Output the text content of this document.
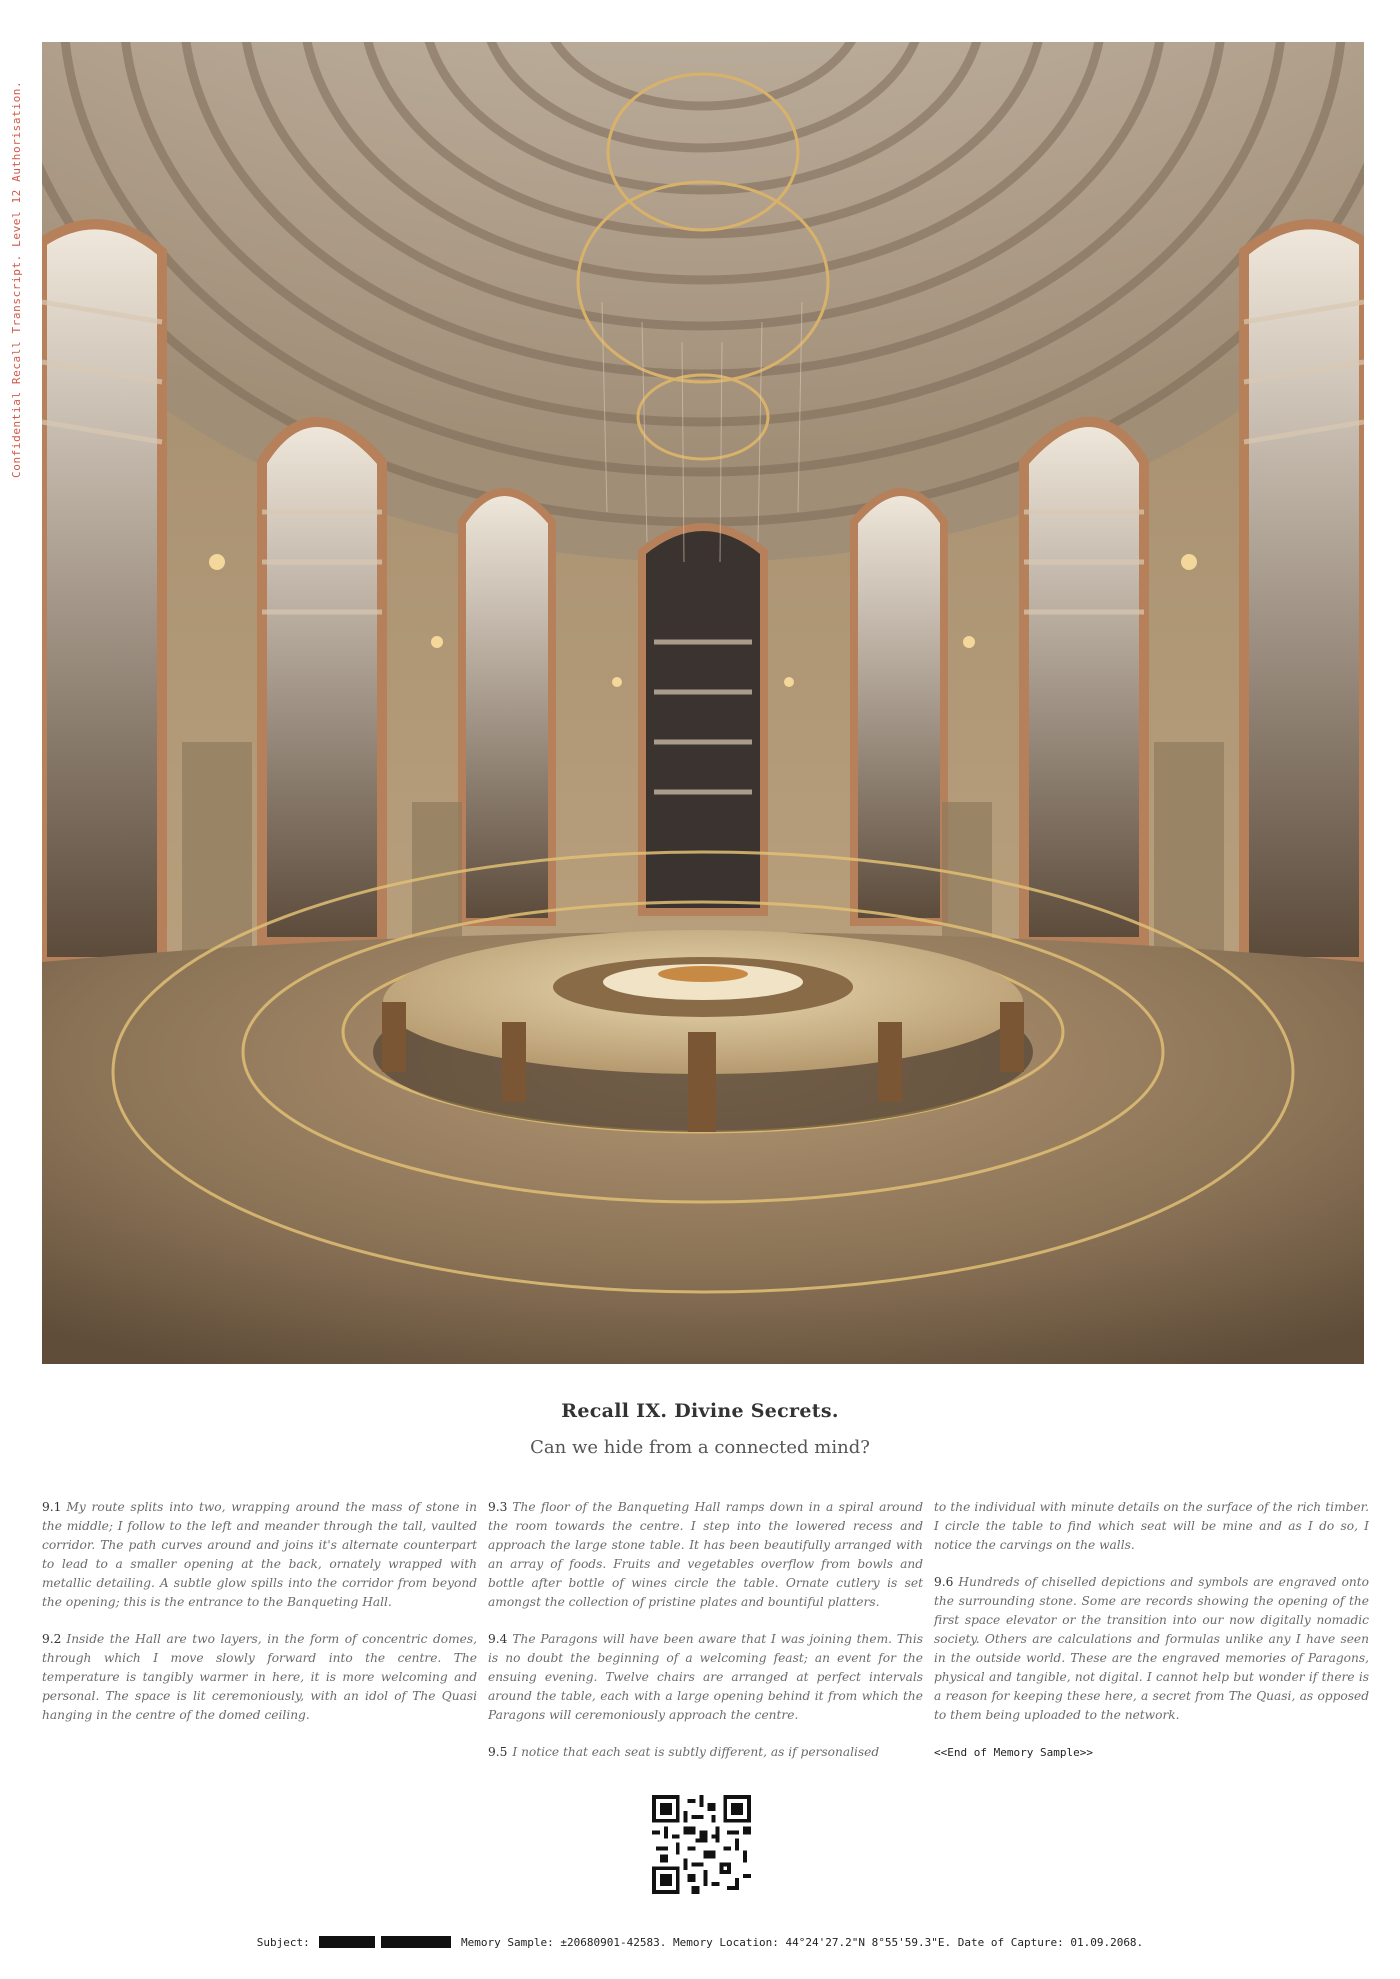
Confidential Recall Transcript. Level 12 Authorisation.
Recall IX. Divine Secrets.
Can we hide from a connected mind?

9.1 My route splits into two, wrapping around the mass of stone in the middle; I follow to the left and meander through the tall, vaulted corridor. The path curves around and joins it's alternate counterpart to lead to a smaller opening at the back, ornately wrapped with metallic detailing. A subtle glow spills into the corridor from beyond the opening; this is the entrance to the Banqueting Hall.

9.2 Inside the Hall are two layers, in the form of concentric domes, through which I move slowly forward into the centre. The temperature is tangibly warmer in here, it is more welcoming and personal. The space is lit ceremoniously, with an idol of The Quasi hanging in the centre of the domed ceiling.

9.3 The floor of the Banqueting Hall ramps down in a spiral around the room towards the centre. I step into the lowered recess and approach the large stone table. It has been beautifully arranged with an array of foods. Fruits and vegetables overflow from bowls and bottle after bottle of wines circle the table. Ornate cutlery is set amongst the collection of pristine plates and bountiful platters.

9.4 The Paragons will have been aware that I was joining them. This is no doubt the beginning of a welcoming feast; an event for the ensuing evening. Twelve chairs are arranged at perfect intervals around the table, each with a large opening behind it from which the Paragons will ceremoniously approach the centre.

9.5 I notice that each seat is subtly different, as if personalised

to the individual with minute details on the surface of the rich timber. I circle the table to find which seat will be mine and as I do so, I notice the carvings on the walls.

9.6 Hundreds of chiselled depictions and symbols are engraved onto the surrounding stone. Some are records showing the opening of the first space elevator or the transition into our now digitally nomadic society. Others are calculations and formulas unlike any I have seen in the outside world. These are the engraved memories of Paragons, physical and tangible, not digital. I cannot help but wonder if there is a reason for keeping these here, a secret from The Quasi, as opposed to them being uploaded to the network.

<<End of Memory Sample>>

Subject:	Memory Sample: ±20680901-42583. Memory Location: 44°24'27.2"N 8°55'59.3"E. Date of Capture: 01.09.2068.
